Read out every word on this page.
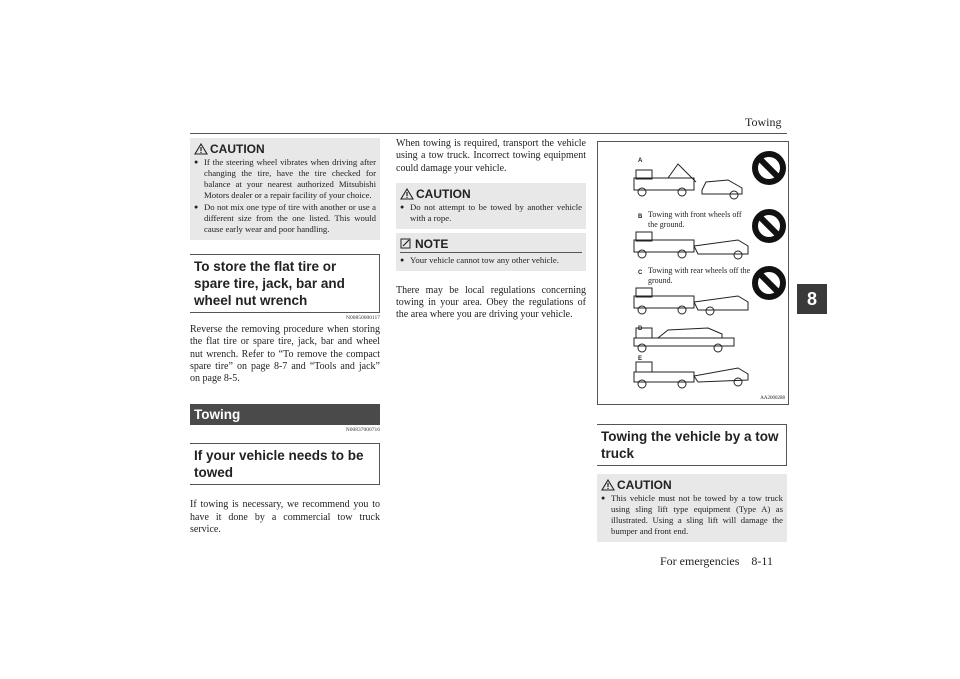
Towing
8
CAUTION
● If the steering wheel vibrates when driving after changing the tire, have the tire checked for balance at your nearest authorized Mitsubishi Motors dealer or a repair facility of your choice.
● Do not mix one type of tire with another or use a different size from the one listed. This would cause early wear and poor handling.
To store the flat tire or spare tire, jack, bar and wheel nut wrench
N00850000117
Reverse the removing procedure when storing the flat tire or spare tire, jack, bar and wheel nut wrench. Refer to “To remove the compact spare tire” on page 8-7 and “Tools and jack” on page 8-5.
Towing
N00837000716
If your vehicle needs to be towed
If towing is necessary, we recommend you to have it done by a commercial tow truck service.
When towing is required, transport the vehicle using a tow truck. Incorrect towing equipment could damage your vehicle.
CAUTION
● Do not attempt to be towed by another vehicle with a rope.
NOTE
● Your vehicle cannot tow any other vehicle.
There may be local regulations concerning towing in your area. Obey the regulations of the area where you are driving your vehicle.
A
B
C
D
E
Towing with front wheels off the ground.
Towing with rear wheels off the ground.
AA2000288
Towing the vehicle by a tow truck
CAUTION
● This vehicle must not be towed by a tow truck using sling lift type equipment (Type A) as illustrated. Using a sling lift will damage the bumper and front end.
For emergencies    8-11
